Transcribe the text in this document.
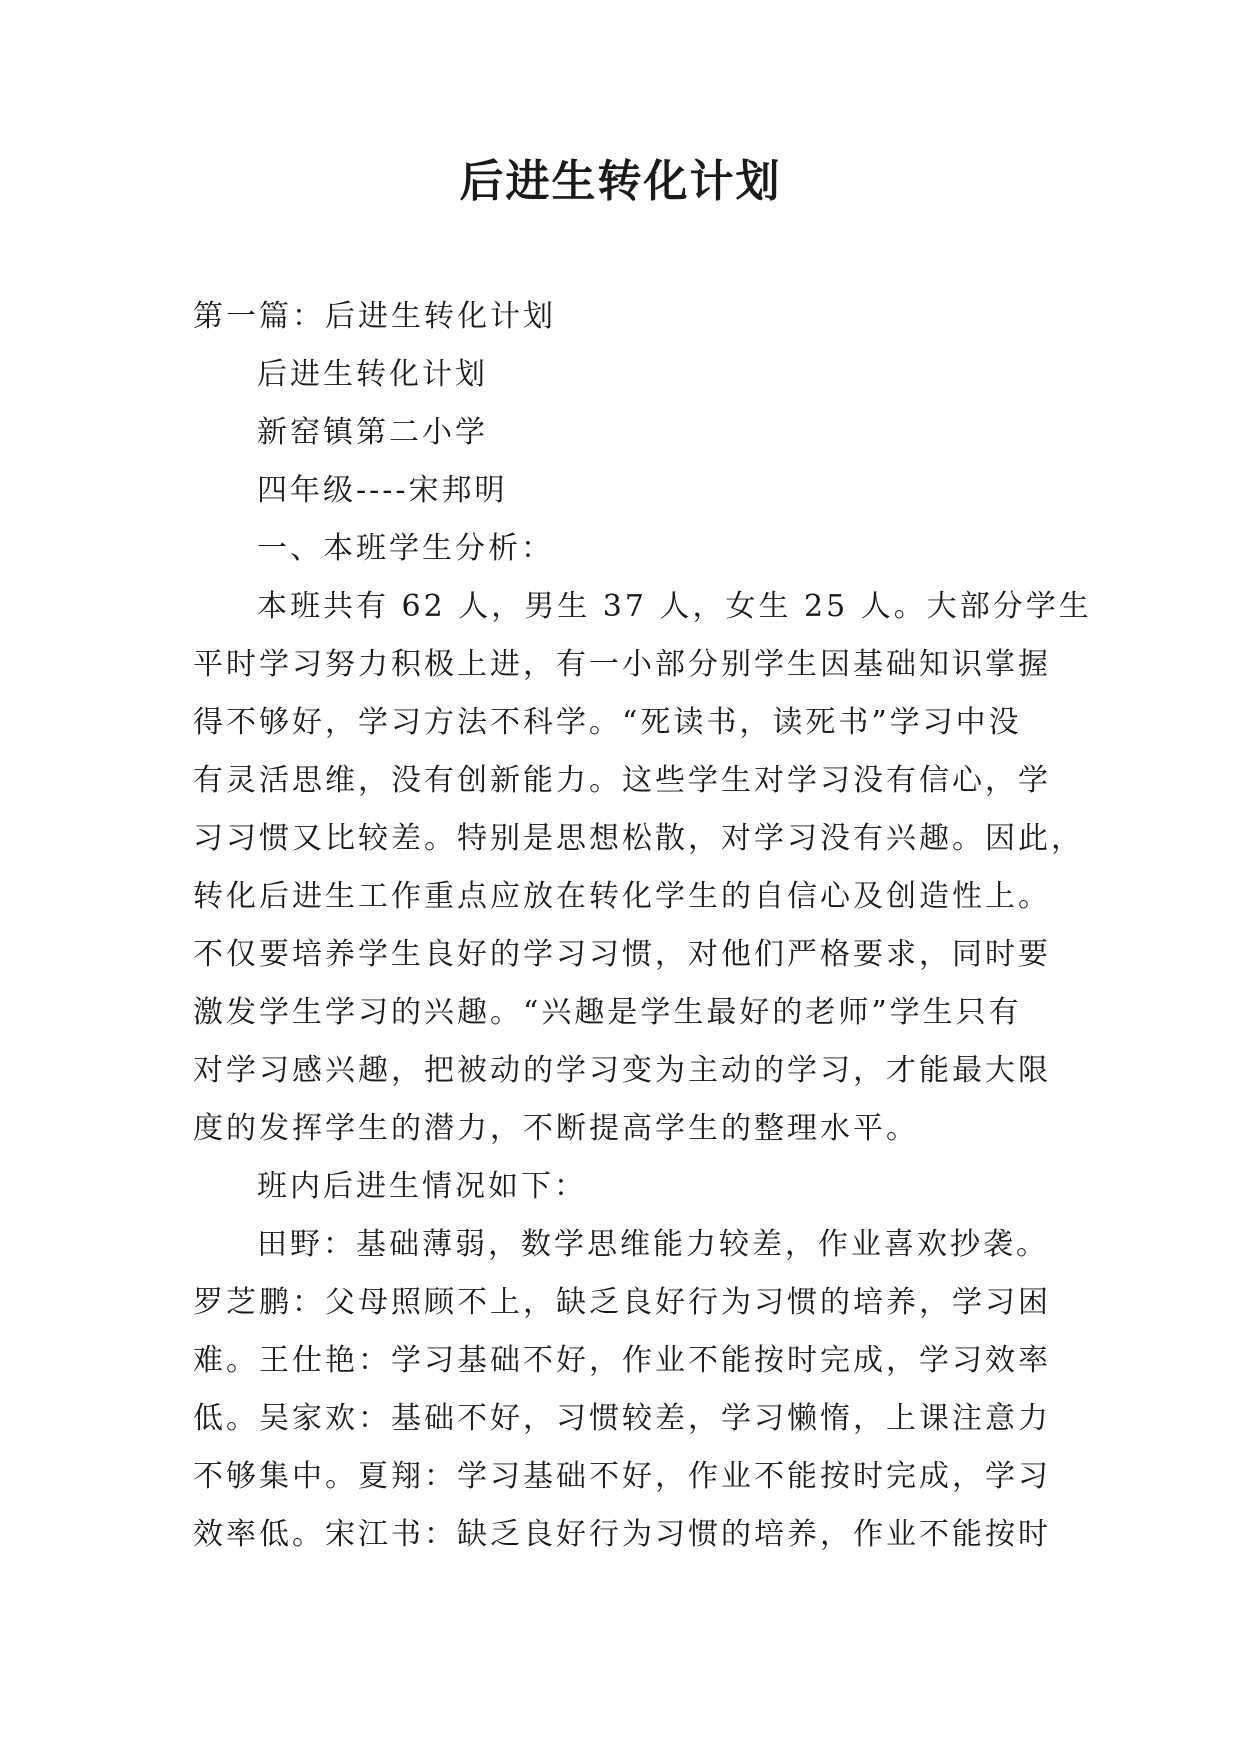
后进生转化计划
第一篇：后进生转化计划
后进生转化计划
新窑镇第二小学
四年级----宋邦明
一、本班学生分析：
本班共有 62 人，男生 37 人，女生 25 人。大部分学生
平时学习努力积极上进，有一小部分别学生因基础知识掌握
得不够好，学习方法不科学。“死读书，读死书”学习中没
有灵活思维，没有创新能力。这些学生对学习没有信心，学
习习惯又比较差。特别是思想松散，对学习没有兴趣。因此，
转化后进生工作重点应放在转化学生的自信心及创造性上。
不仅要培养学生良好的学习习惯，对他们严格要求，同时要
激发学生学习的兴趣。“兴趣是学生最好的老师”学生只有
对学习感兴趣，把被动的学习变为主动的学习，才能最大限
度的发挥学生的潜力，不断提高学生的整理水平。
班内后进生情况如下：
田野：基础薄弱，数学思维能力较差，作业喜欢抄袭。
罗芝鹏：父母照顾不上，缺乏良好行为习惯的培养，学习困
难。王仕艳：学习基础不好，作业不能按时完成，学习效率
低。吴家欢：基础不好，习惯较差，学习懒惰，上课注意力
不够集中。夏翔：学习基础不好，作业不能按时完成，学习
效率低。宋江书：缺乏良好行为习惯的培养，作业不能按时
